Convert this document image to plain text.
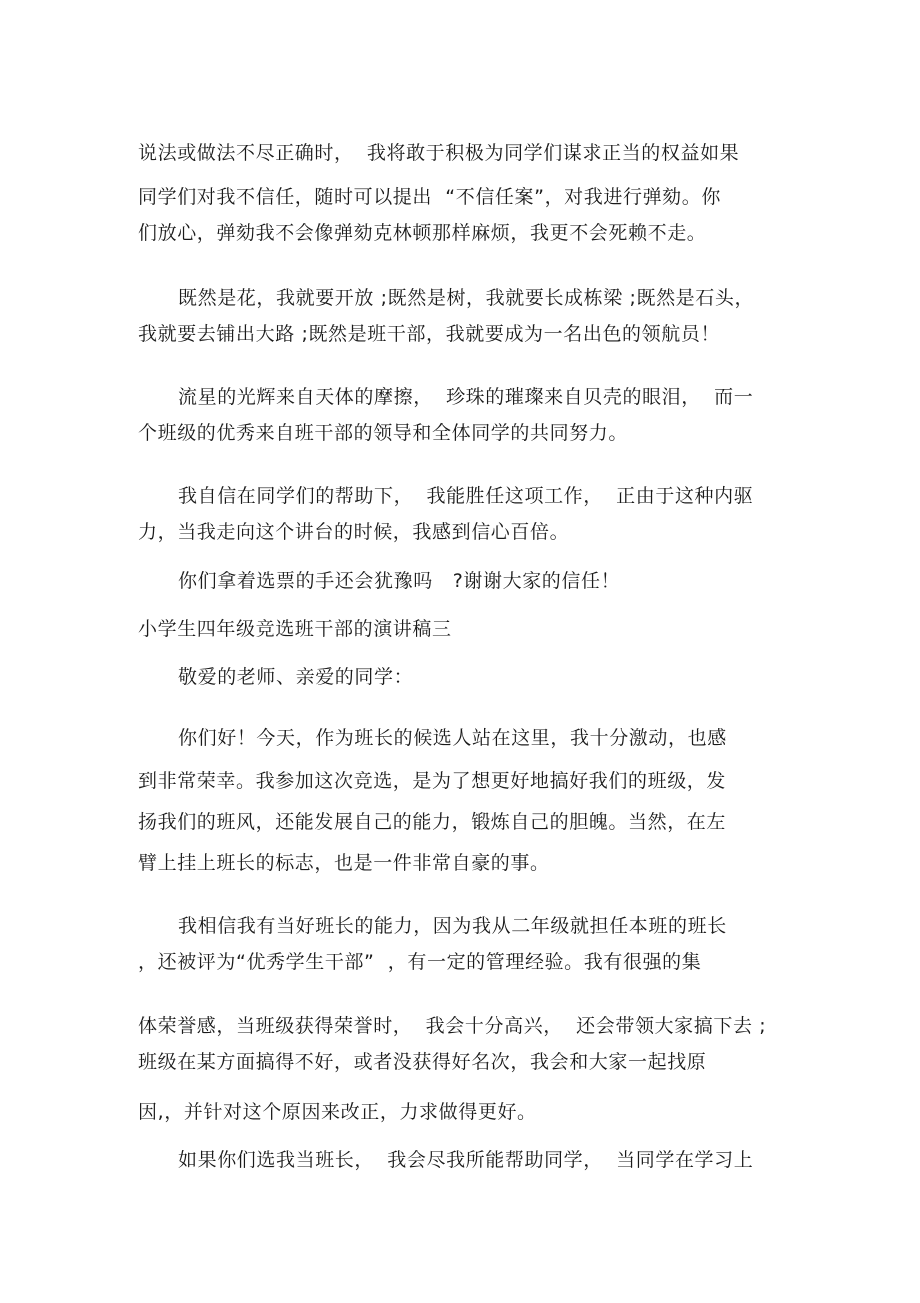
说法或做法不尽正确时，  我将敢于积极为同学们谋求正当的权益如果
同学们对我不信任，随时可以提出  “不信任案”，对我进行弹劾。你
们放心，弹劾我不会像弹劾克林顿那样麻烦，我更不会死赖不走。
既然是花，我就要开放 ;既然是树，我就要长成栋梁 ;既然是石头，
我就要去铺出大路 ;既然是班干部，我就要成为一名出色的领航员！
流星的光辉来自天体的摩擦，  珍珠的璀璨来自贝壳的眼泪，  而一
个班级的优秀来自班干部的领导和全体同学的共同努力。
我自信在同学们的帮助下，  我能胜任这项工作，  正由于这种内驱
力，当我走向这个讲台的时候，我感到信心百倍。
你们拿着选票的手还会犹豫吗   ?谢谢大家的信任！
小学生四年级竞选班干部的演讲稿三
敬爱的老师、亲爱的同学：
你们好！今天，作为班长的候选人站在这里，我十分激动，也感
到非常荣幸。我参加这次竞选，是为了想更好地搞好我们的班级，发
扬我们的班风，还能发展自己的能力，锻炼自己的胆魄。当然，在左
臂上挂上班长的标志，也是一件非常自豪的事。
我相信我有当好班长的能力，因为我从二年级就担任本班的班长
，还被评为“优秀学生干部”  ，有一定的管理经验。我有很强的集
体荣誉感，当班级获得荣誉时，  我会十分高兴，  还会带领大家搞下去 ;
班级在某方面搞得不好，或者没获得好名次，我会和大家一起找原
因,，并针对这个原因来改正，力求做得更好。
如果你们选我当班长，  我会尽我所能帮助同学，  当同学在学习上
